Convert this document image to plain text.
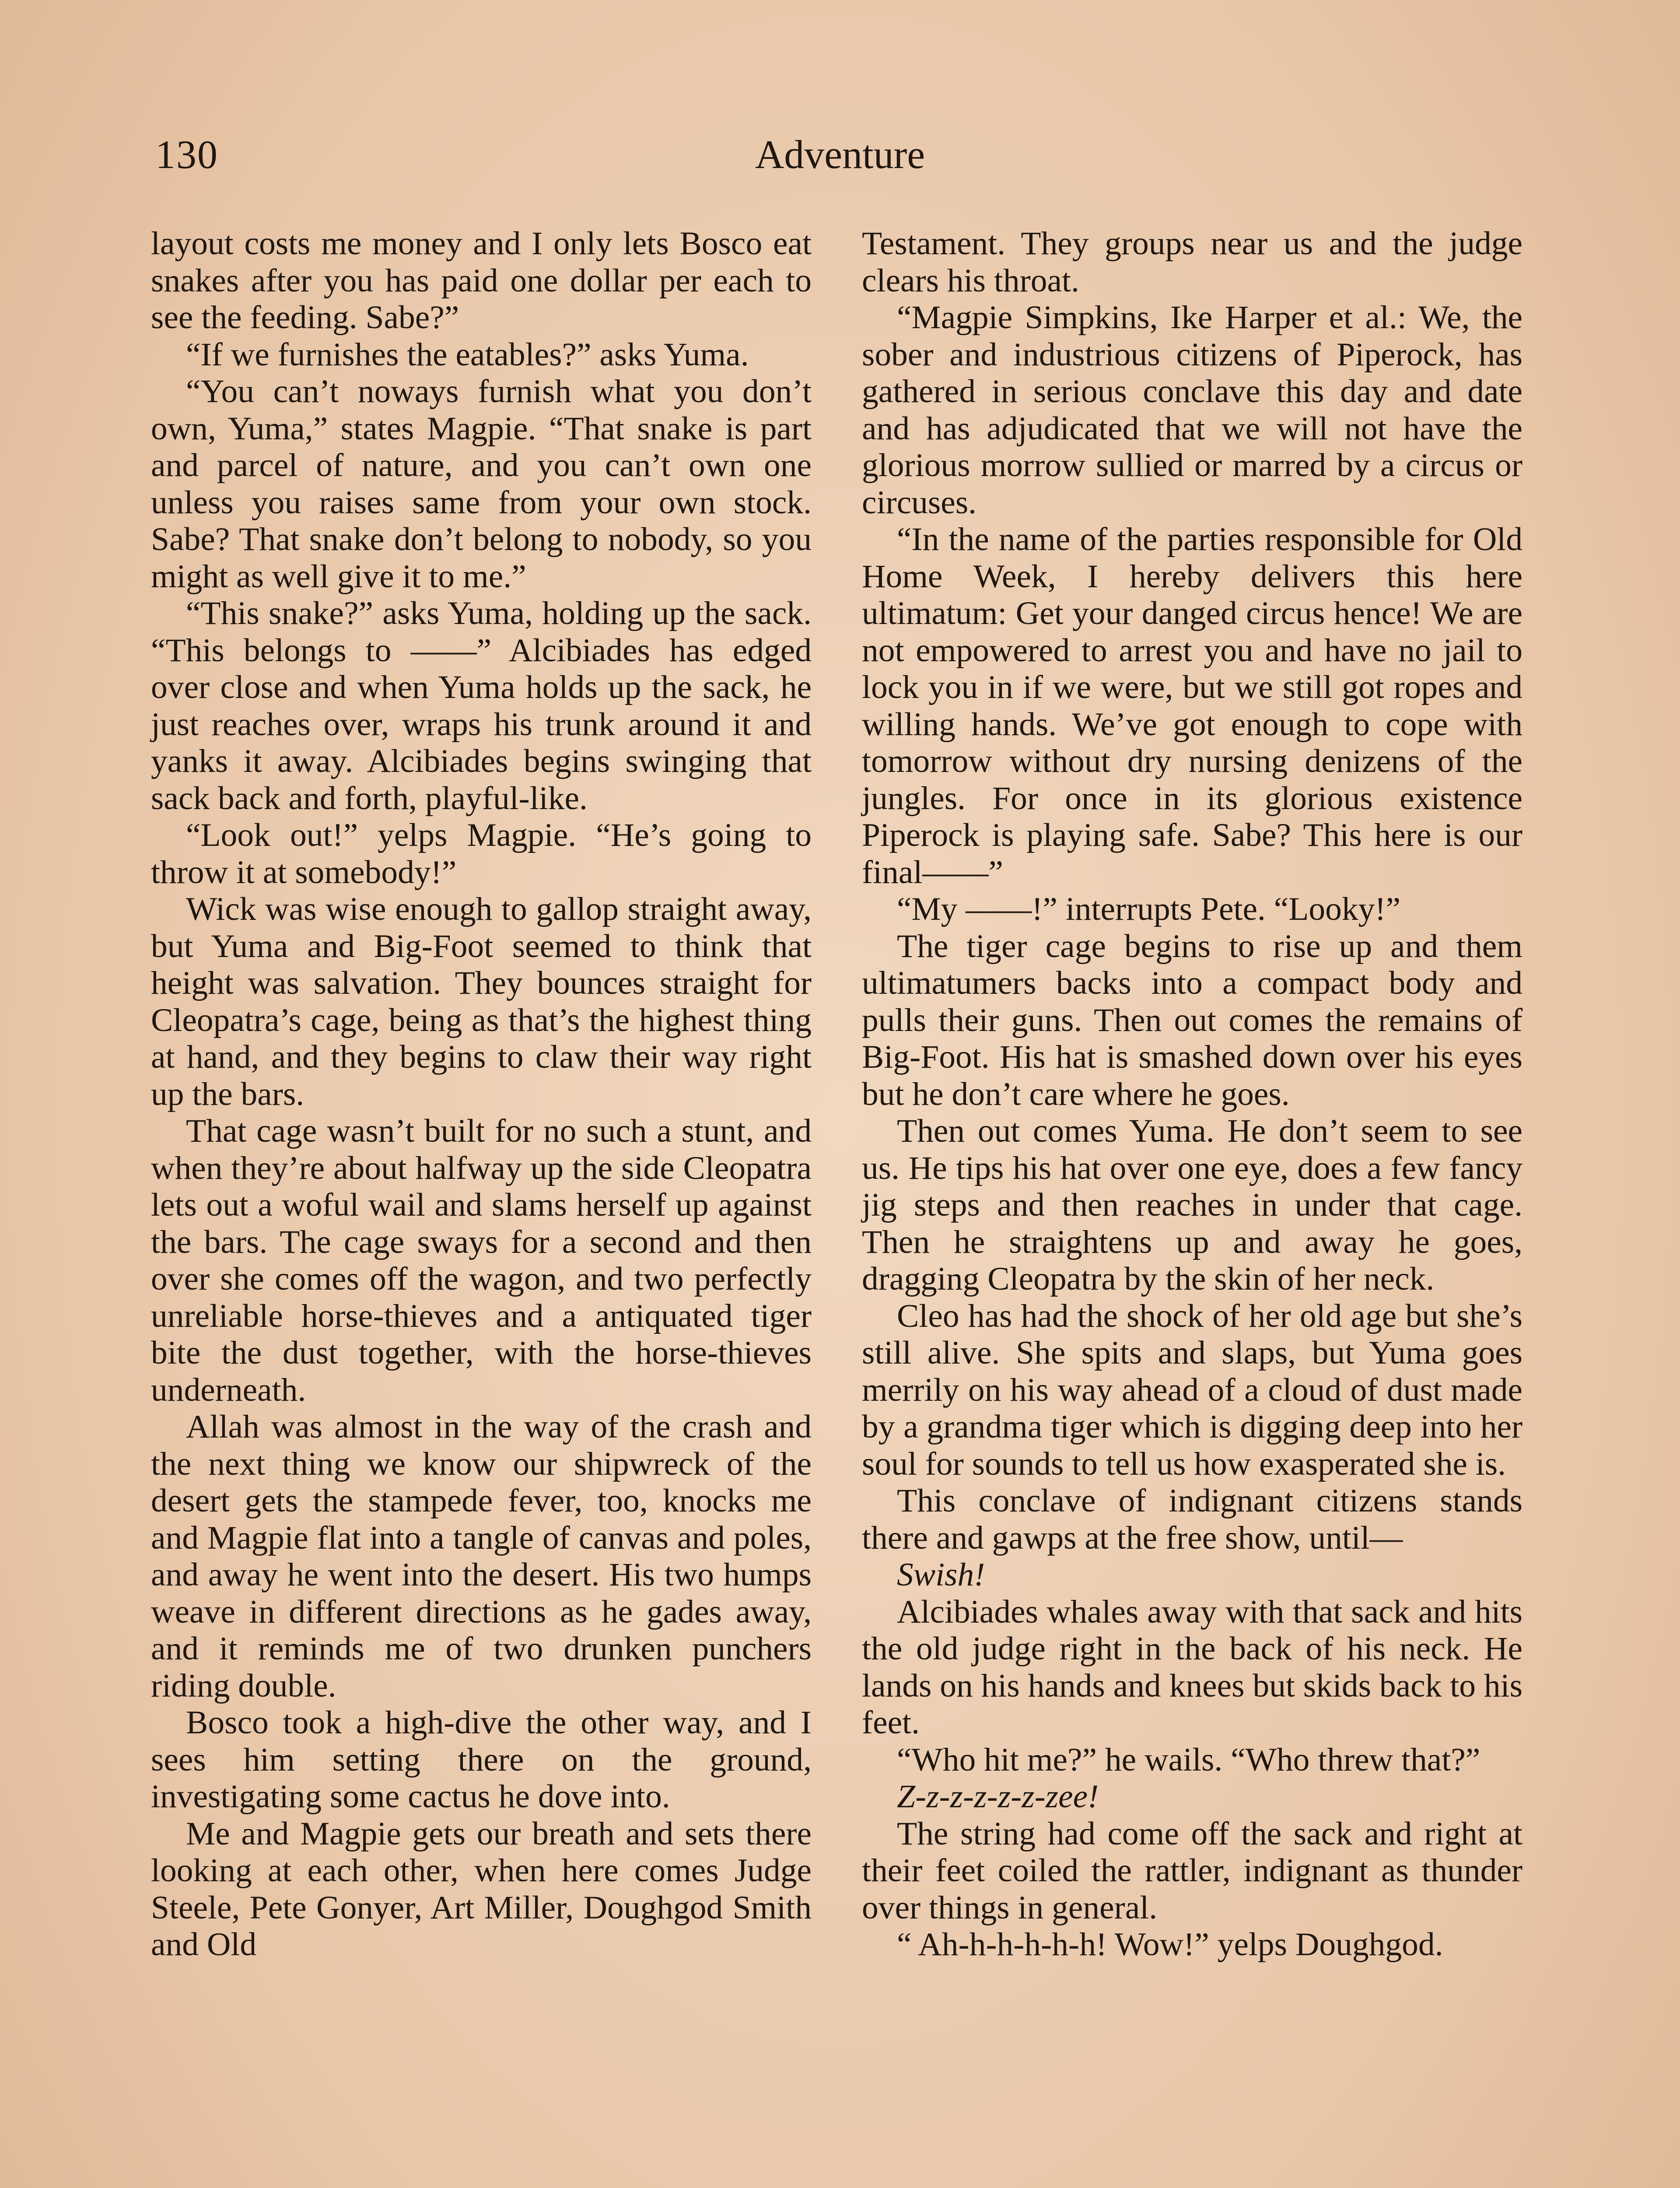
130	Adventure

layout costs me money and I only lets Bosco eat snakes after you has paid one dollar per each to see the feeding. Sabe?”

“If we furnishes the eatables?” asks Yuma.

“You can’t noways furnish what you don’t own, Yuma,” states Magpie. “That snake is part and parcel of nature, and you can’t own one unless you raises same from your own stock. Sabe? That snake don’t belong to nobody, so you might as well give it to me.”

“This snake?” asks Yuma, holding up the sack. “This belongs to ——” Alcibiades has edged over close and when Yuma holds up the sack, he just reaches over, wraps his trunk around it and yanks it away. Alcibiades begins swinging that sack back and forth, playful-like.

“Look out!” yelps Magpie. “He’s going to throw it at somebody!”

Wick was wise enough to gallop straight away, but Yuma and Big-Foot seemed to think that height was salvation. They bounces straight for Cleopatra’s cage, being as that’s the highest thing at hand, and they begins to claw their way right up the bars.

That cage wasn’t built for no such a stunt, and when they’re about halfway up the side Cleopatra lets out a woful wail and slams herself up against the bars. The cage sways for a second and then over she comes off the wagon, and two perfectly unreliable horse-thieves and a antiquated tiger bite the dust together, with the horse-thieves underneath.

Allah was almost in the way of the crash and the next thing we know our shipwreck of the desert gets the stampede fever, too, knocks me and Magpie flat into a tangle of canvas and poles, and away he went into the desert. His two humps weave in different directions as he gades away, and it reminds me of two drunken punchers riding double.

Bosco took a high-dive the other way, and I sees him setting there on the ground, investigating some cactus he dove into.

Me and Magpie gets our breath and sets there looking at each other, when here comes Judge Steele, Pete Gonyer, Art Miller, Doughgod Smith and Old

Testament. They groups near us and the judge clears his throat.

“Magpie Simpkins, Ike Harper et al.: We, the sober and industrious citizens of Piperock, has gathered in serious conclave this day and date and has adjudicated that we will not have the glorious morrow sullied or marred by a circus or circuses.

“In the name of the parties responsible for Old Home Week, I hereby delivers this here ultimatum: Get your danged circus hence! We are not empowered to arrest you and have no jail to lock you in if we were, but we still got ropes and willing hands. We’ve got enough to cope with tomorrow without dry nursing denizens of the jungles. For once in its glorious existence Piperock is playing safe. Sabe? This here is our final——”

“My ——!” interrupts Pete. “Looky!”

The tiger cage begins to rise up and them ultimatumers backs into a compact body and pulls their guns. Then out comes the remains of Big-Foot. His hat is smashed down over his eyes but he don’t care where he goes.

Then out comes Yuma. He don’t seem to see us. He tips his hat over one eye, does a few fancy jig steps and then reaches in under that cage. Then he straightens up and away he goes, dragging Cleopatra by the skin of her neck.

Cleo has had the shock of her old age but she’s still alive. She spits and slaps, but Yuma goes merrily on his way ahead of a cloud of dust made by a grandma tiger which is digging deep into her soul for sounds to tell us how exasperated she is.

This conclave of indignant citizens stands there and gawps at the free show, until—

Swish!

Alcibiades whales away with that sack and hits the old judge right in the back of his neck. He lands on his hands and knees but skids back to his feet.

“Who hit me?” he wails. “Who threw that?”

Z-z-z-z-z-z-zee!

The string had come off the sack and right at their feet coiled the rattler, indignant as thunder over things in general.

“ Ah-h-h-h-h-h! Wow!” yelps Doughgod.
